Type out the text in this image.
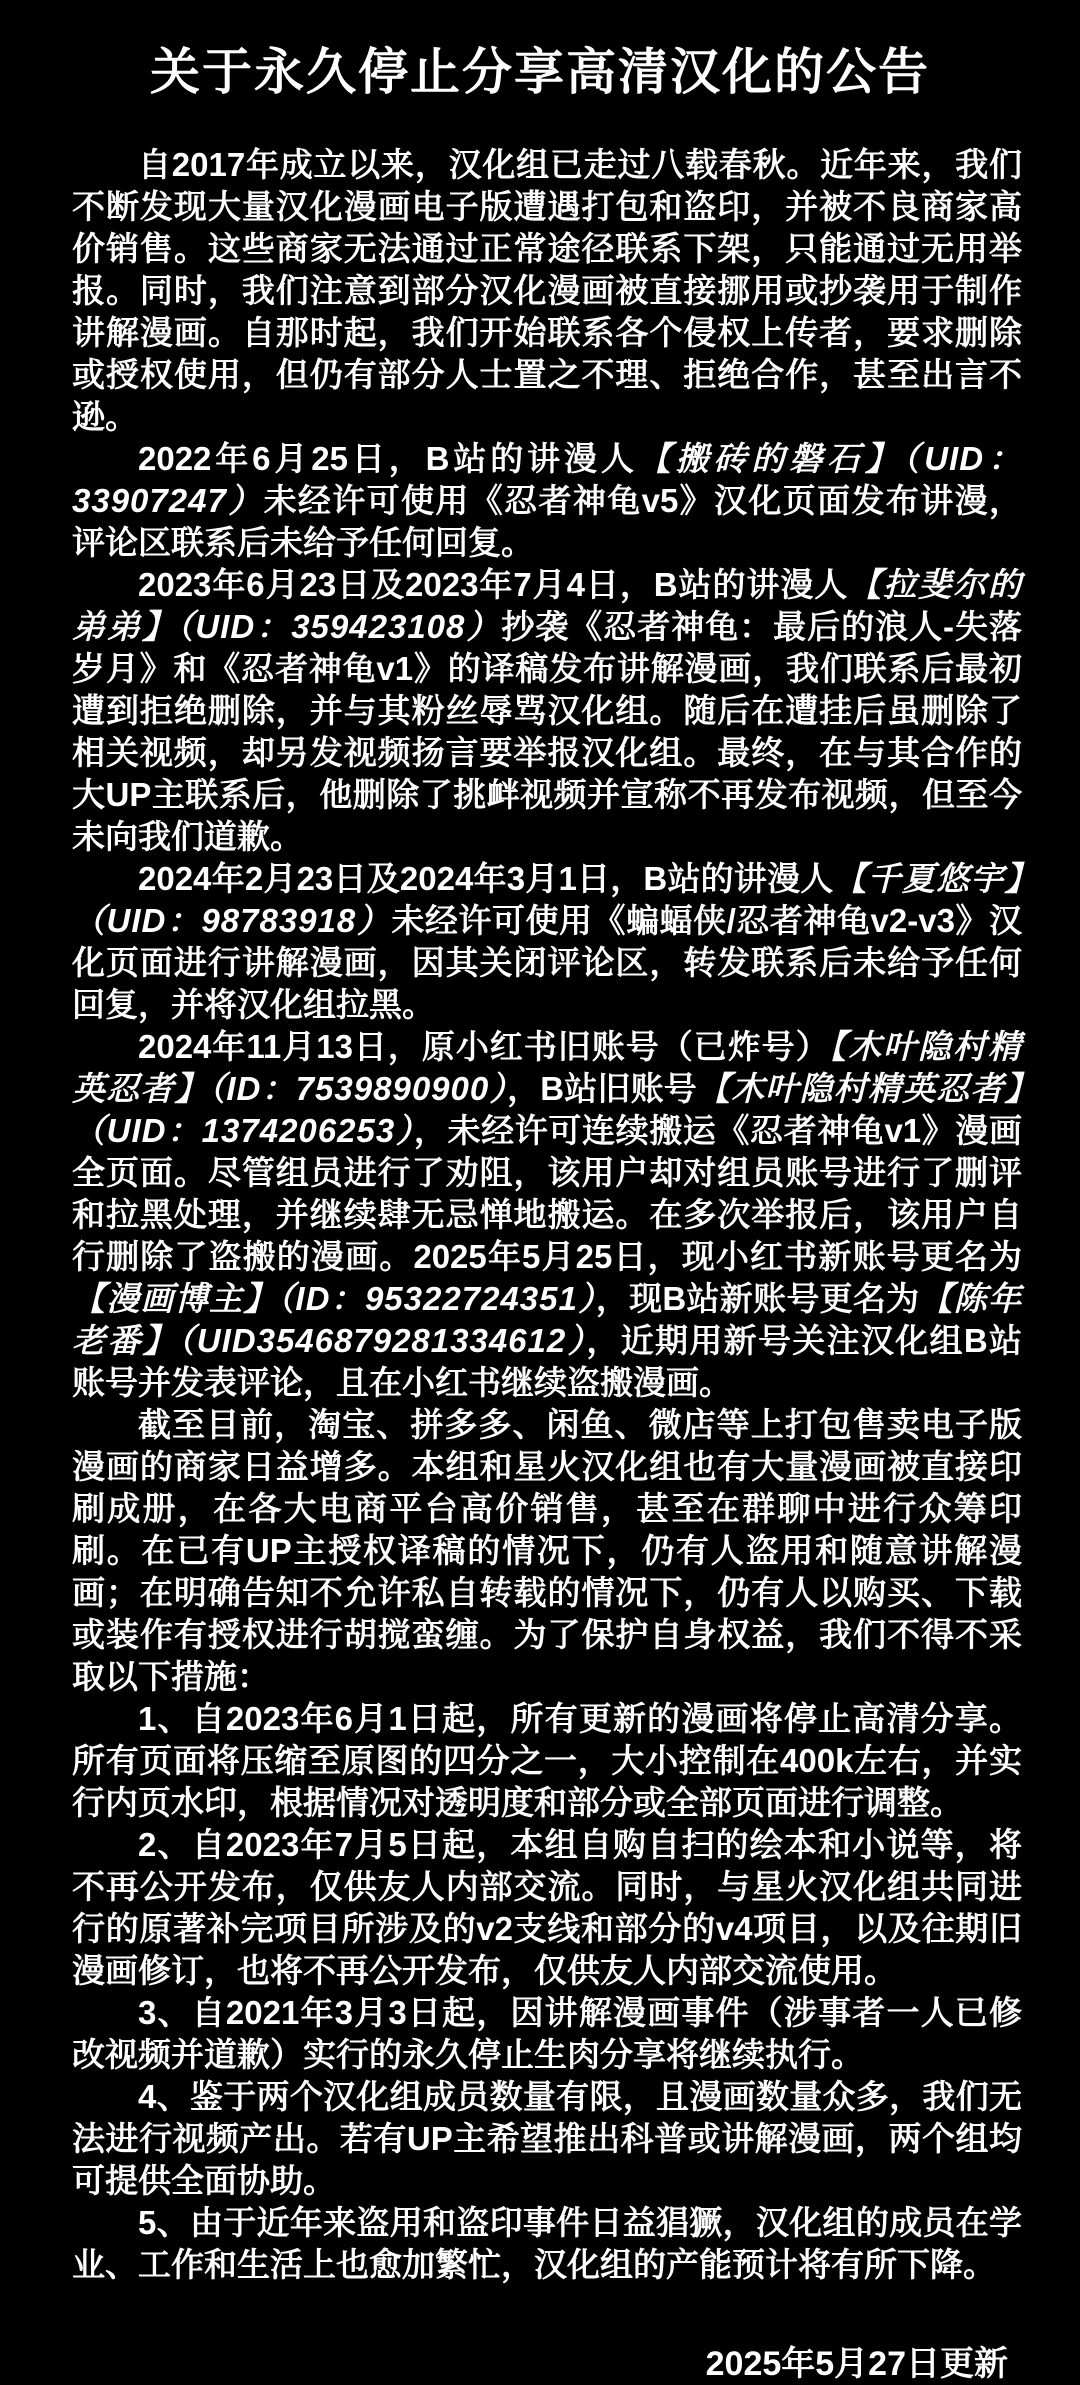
关于永久停止分享高清汉化的公告

自2017年成立以来，汉化组已走过八载春秋。近年来，我们不断发现大量汉化漫画电子版遭遇打包和盗印，并被不良商家高价销售。这些商家无法通过正常途径联系下架，只能通过无用举报。同时，我们注意到部分汉化漫画被直接挪用或抄袭用于制作讲解漫画。自那时起，我们开始联系各个侵权上传者，要求删除或授权使用，但仍有部分人士置之不理、拒绝合作，甚至出言不逊。

2022年6月25日，B站的讲漫人【搬砖的磐石】（UID：33907247）未经许可使用《忍者神龟v5》汉化页面发布讲漫，评论区联系后未给予任何回复。

2023年6月23日及2023年7月4日，B站的讲漫人【拉斐尔的弟弟】（UID：359423108）抄袭《忍者神龟：最后的浪人-失落岁月》和《忍者神龟v1》的译稿发布讲解漫画，我们联系后最初遭到拒绝删除，并与其粉丝辱骂汉化组。随后在遭挂后虽删除了相关视频，却另发视频扬言要举报汉化组。最终，在与其合作的大UP主联系后，他删除了挑衅视频并宣称不再发布视频，但至今未向我们道歉。

2024年2月23日及2024年3月1日，B站的讲漫人【千夏悠宇】（UID：98783918）未经许可使用《蝙蝠侠/忍者神龟v2-v3》汉化页面进行讲解漫画，因其关闭评论区，转发联系后未给予任何回复，并将汉化组拉黑。

2024年11月13日，原小红书旧账号（已炸号）【木叶隐村精英忍者】（ID：7539890900），B站旧账号【木叶隐村精英忍者】（UID：1374206253），未经许可连续搬运《忍者神龟v1》漫画全页面。尽管组员进行了劝阻，该用户却对组员账号进行了删评和拉黑处理，并继续肆无忌惮地搬运。在多次举报后，该用户自行删除了盗搬的漫画。2025年5月25日，现小红书新账号更名为【漫画博主】（ID：95322724351），现B站新账号更名为【陈年老番】（UID3546879281334612），近期用新号关注汉化组B站账号并发表评论，且在小红书继续盗搬漫画。

截至目前，淘宝、拼多多、闲鱼、微店等上打包售卖电子版漫画的商家日益增多。本组和星火汉化组也有大量漫画被直接印刷成册，在各大电商平台高价销售，甚至在群聊中进行众筹印刷。在已有UP主授权译稿的情况下，仍有人盗用和随意讲解漫画；在明确告知不允许私自转载的情况下，仍有人以购买、下载或装作有授权进行胡搅蛮缠。为了保护自身权益，我们不得不采取以下措施：

1、自2023年6月1日起，所有更新的漫画将停止高清分享。所有页面将压缩至原图的四分之一，大小控制在400k左右，并实行内页水印，根据情况对透明度和部分或全部页面进行调整。

2、自2023年7月5日起，本组自购自扫的绘本和小说等，将不再公开发布，仅供友人内部交流。同时，与星火汉化组共同进行的原著补完项目所涉及的v2支线和部分的v4项目，以及往期旧漫画修订，也将不再公开发布，仅供友人内部交流使用。

3、自2021年3月3日起，因讲解漫画事件（涉事者一人已修改视频并道歉）实行的永久停止生肉分享将继续执行。

4、鉴于两个汉化组成员数量有限，且漫画数量众多，我们无法进行视频产出。若有UP主希望推出科普或讲解漫画，两个组均可提供全面协助。

5、由于近年来盗用和盗印事件日益猖獗，汉化组的成员在学业、工作和生活上也愈加繁忙，汉化组的产能预计将有所下降。

2025年5月27日更新
